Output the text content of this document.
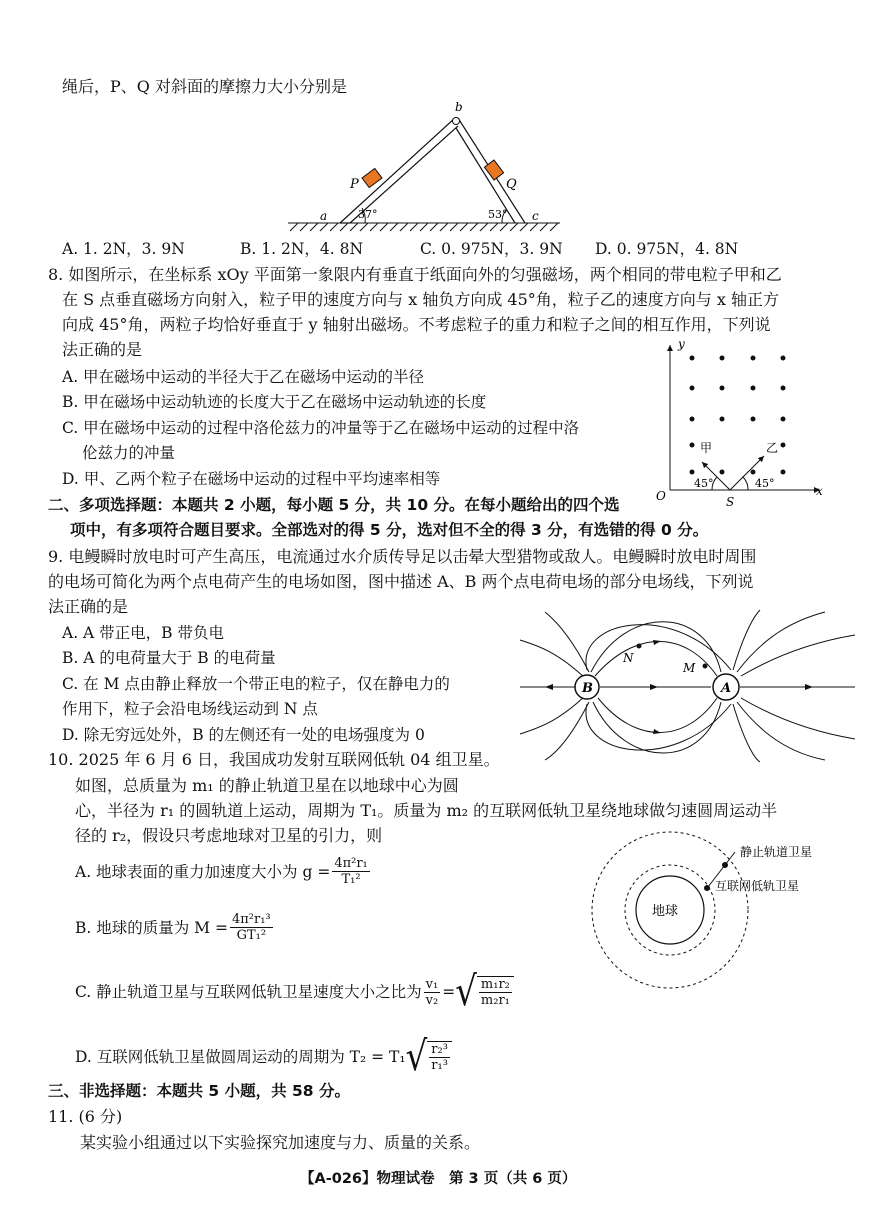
绳后，P、Q 对斜面的摩擦力大小分别是
b
P	Q
a	c
37°	53°
A. 1. 2N，3. 9N	B. 1. 2N，4. 8N	C. 0. 975N，3. 9N D. 0. 975N，4. 8N
8. 如图所示，在坐标系 xOy 平面第一象限内有垂直于纸面向外的匀强磁场，两个相同的带电粒子甲和乙
在 S 点垂直磁场方向射入，粒子甲的速度方向与 x 轴负方向成 45°角，粒子乙的速度方向与 x 轴正方
向成 45°角，两粒子均恰好垂直于 y 轴射出磁场。不考虑粒子的重力和粒子之间的相互作用，下列说
法正确的是
A. 甲在磁场中运动的半径大于乙在磁场中运动的半径
B. 甲在磁场中运动轨迹的长度大于乙在磁场中运动轨迹的长度
C. 甲在磁场中运动的过程中洛伦兹力的冲量等于乙在磁场中运动的过程中洛
伦兹力的冲量
D. 甲、乙两个粒子在磁场中运动的过程中平均速率相等
y
x
O	S
甲	乙
45°	45°
二、多项选择题：本题共 2 小题，每小题 5 分，共 10 分。在每小题给出的四个选
项中，有多项符合题目要求。全部选对的得 5 分，选对但不全的得 3 分，有选错的得 0 分。
9. 电鳗瞬时放电时可产生高压，电流通过水介质传导足以击晕大型猎物或敌人。电鳗瞬时放电时周围
的电场可简化为两个点电荷产生的电场如图，图中描述 A、B 两个点电荷电场的部分电场线，下列说
法正确的是
A. A 带正电，B 带负电
B. A 的电荷量大于 B 的电荷量
C. 在 M 点由静止释放一个带正电的粒子，仅在静电力的
作用下，粒子会沿电场线运动到 N 点
D. 除无穷远处外，B 的左侧还有一处的电场强度为 0
B	A
M
N
10. 2025 年 6 月 6 日，我国成功发射互联网低轨 04 组卫星。
如图，总质量为 m₁ 的静止轨道卫星在以地球中心为圆
心，半径为 r₁ 的圆轨道上运动，周期为 T₁。质量为 m₂ 的互联网低轨卫星绕地球做匀速圆周运动半
径的 r₂，假设只考虑地球对卫星的引力，则
A. 地球表面的重力加速度大小为 $g = \frac{\text{4π²r₁}}{\text{T₁²}}$
B. 地球的质量为 $M = \frac{\text{4π²r₁³}}{\text{GT₁²}}$
C. 静止轨道卫星与互联网低轨卫星速度大小之比为 $\frac{\text{v₁}}{\text{v₂}}$ = √ $\frac{\text{m₁r₂}}{\text{m₂r₁}}$
D. 互联网低轨卫星做圆周运动的周期为 T₂ = T₁ √ $\frac{\text{r₂³}}{\text{r₁³}}$
地球
静止轨道卫星
互联网低轨卫星
三、非选择题：本题共 5 小题，共 58 分。
11. (6 分)
某实验小组通过以下实验探究加速度与力、质量的关系。
【A-026】物理试卷　第 3 页（共 6 页）
